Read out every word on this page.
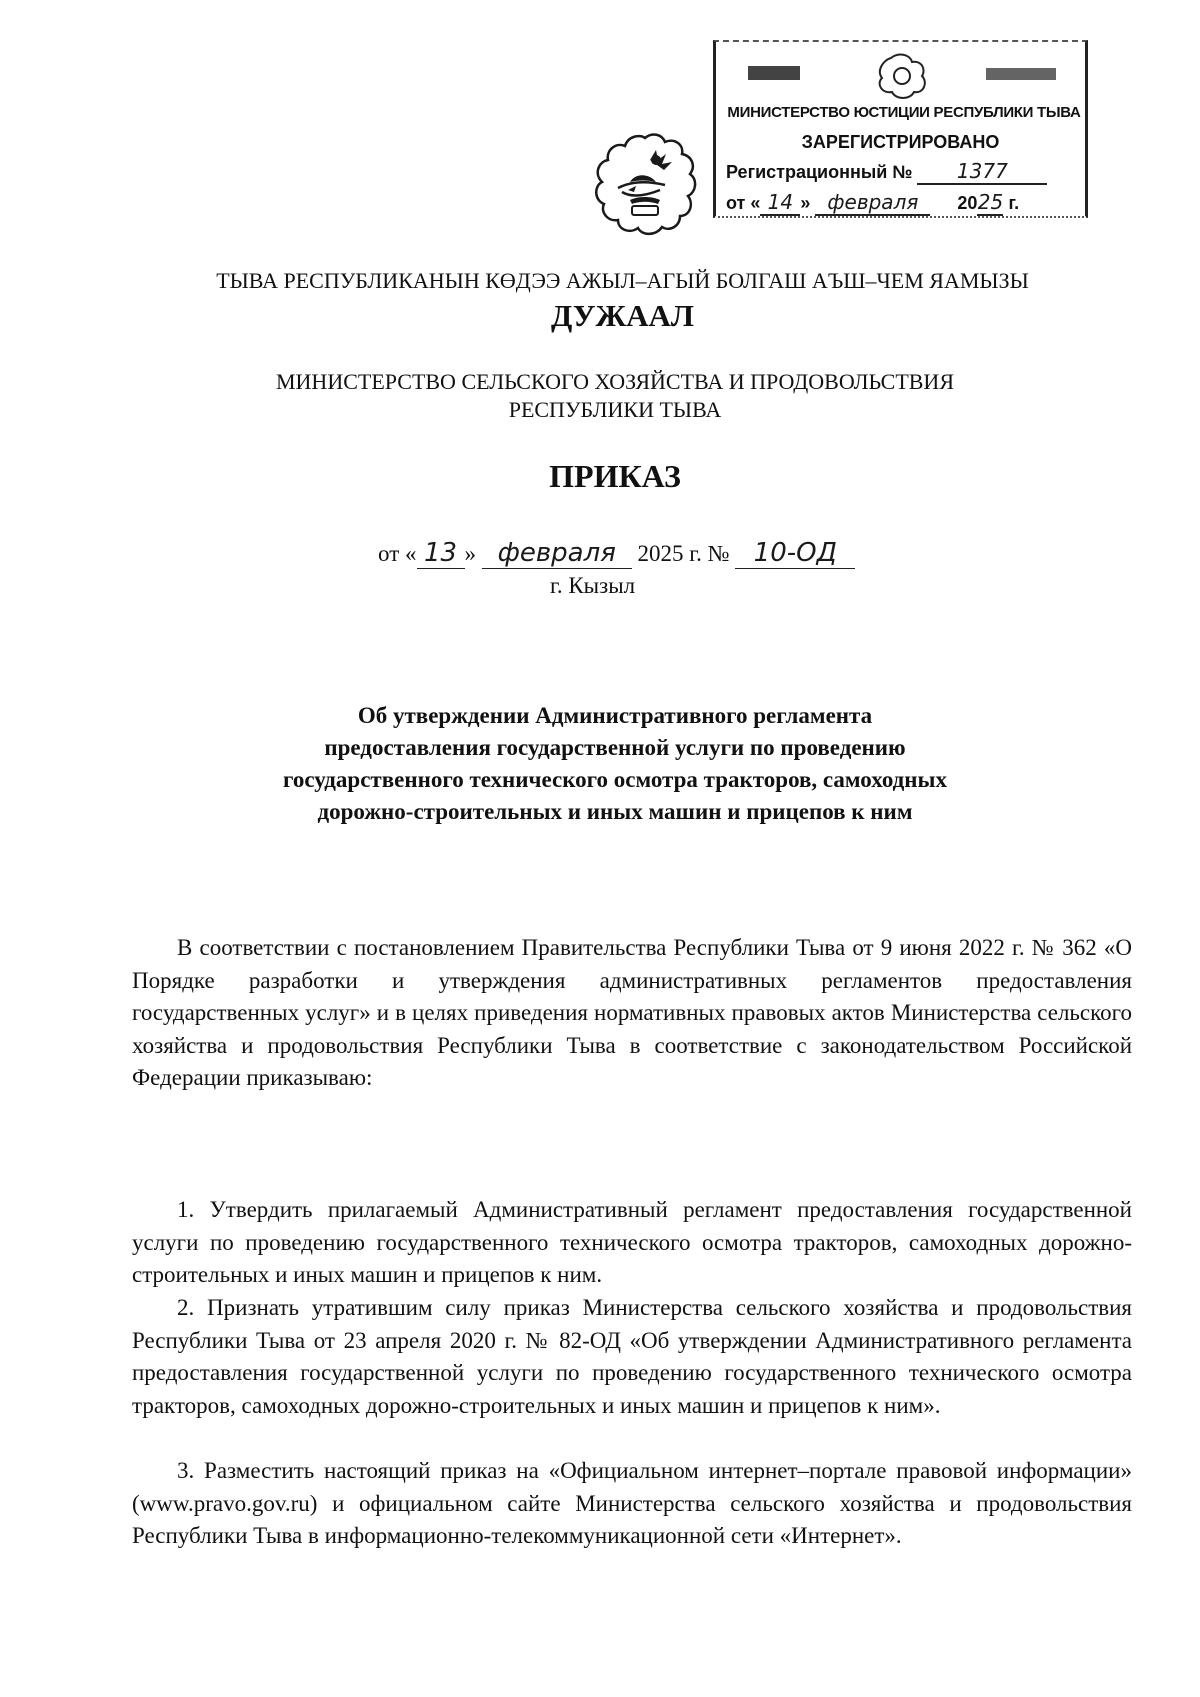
МИНИСТЕРСТВО ЮСТИЦИИ РЕСПУБЛИКИ ТЫВА
ЗАРЕГИСТРИРОВАНО
Регистрационный № 1377
от « 14 » февраля 2025 г.
ТЫВА РЕСПУБЛИКАНЫН КӨДЭЭ АЖЫЛ–АГЫЙ БОЛГАШ АЪШ–ЧЕМ ЯАМЫЗЫ
ДУЖААЛ
МИНИСТЕРСТВО СЕЛЬСКОГО ХОЗЯЙСТВА И ПРОДОВОЛЬСТВИЯ
РЕСПУБЛИКИ ТЫВА
ПРИКАЗ
от « 13 » февраля 2025 г. № 10-ОД
г. Кызыл
Об утверждении Административного регламента
предоставления государственной услуги по проведению
государственного технического осмотра тракторов, самоходных
дорожно-строительных и иных машин и прицепов к ним

В соответствии с постановлением Правительства Республики Тыва от 9 июня 2022 г. № 362 «О Порядке разработки и утверждения административных регламентов предоставления государственных услуг» и в целях приведения нормативных правовых актов Министерства сельского хозяйства и продовольствия Республики Тыва в соответствие с законодательством Российской Федерации приказываю:

1. Утвердить прилагаемый Административный регламент предоставления государственной услуги по проведению государственного технического осмотра тракторов, самоходных дорожно-строительных и иных машин и прицепов к ним.

2. Признать утратившим силу приказ Министерства сельского хозяйства и продовольствия Республики Тыва от 23 апреля 2020 г. № 82-ОД «Об утверждении Административного регламента предоставления государственной услуги по проведению государственного технического осмотра тракторов, самоходных дорожно-строительных и иных машин и прицепов к ним».

3. Разместить настоящий приказ на «Официальном интернет–портале правовой информации» (www.pravo.gov.ru) и официальном сайте Министерства сельского хозяйства и продовольствия Республики Тыва в информационно-телекоммуникационной сети «Интернет».
